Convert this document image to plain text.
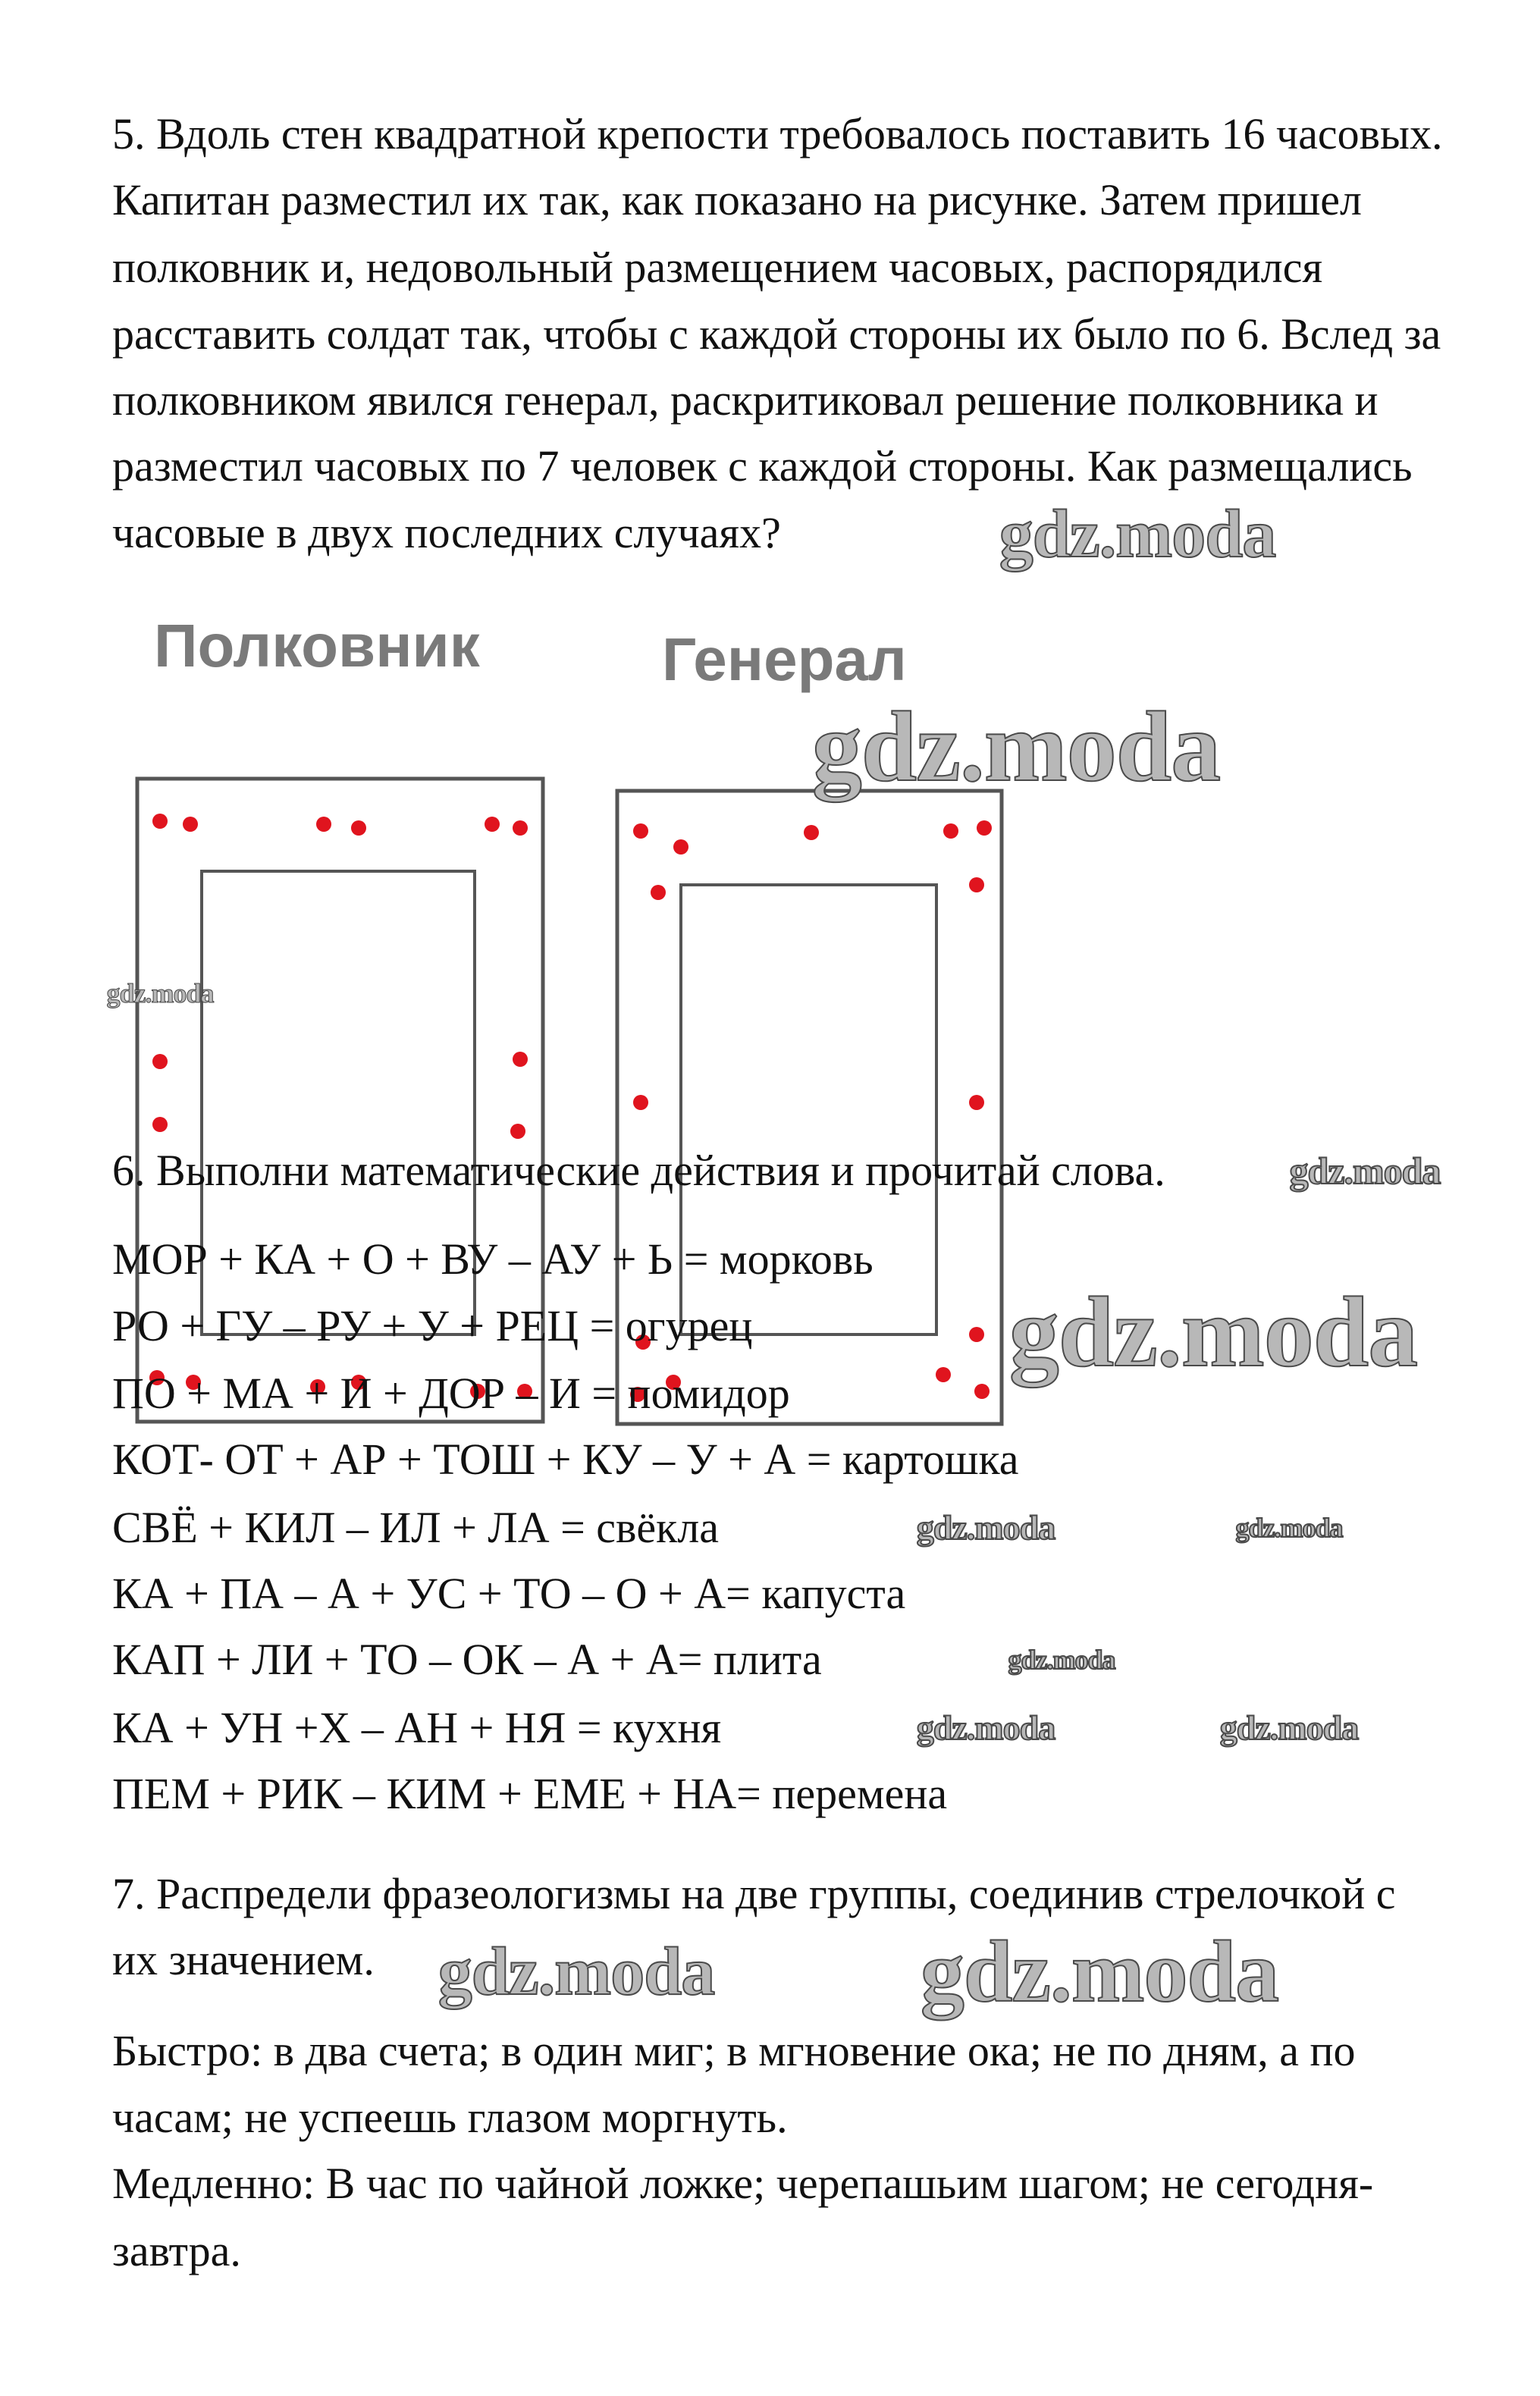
5. Вдоль стен квадратной крепости требовалось поставить 16 часовых.
Капитан разместил их так, как показано на рисунке. Затем пришел
полковник и, недовольный размещением часовых, распорядился
расставить солдат так, чтобы с каждой стороны их было по 6. Вслед за
полковником явился генерал, раскритиковал решение полковника и
разместил часовых по 7 человек с каждой стороны. Как размещались
часовые в двух последних случаях?
Полковник	Генерал
6. Выполни математические действия и прочитай слова.
МОР + КА + О + ВУ – АУ + Ь = морковь
РО + ГУ – РУ + У + РЕЦ = огурец
ПО + МА + И + ДОР – И = помидор
КОТ- ОТ + АР + ТОШ + КУ – У + А = картошка
СВЁ + КИЛ – ИЛ + ЛА = свёкла
КА + ПА – А + УС + ТО – О + А= капуста
КАП + ЛИ + ТО – ОК – А + А= плита
КА + УН +Х – АН + НЯ = кухня
ПЕМ + РИК – КИМ + ЕМЕ + НА= перемена
7. Распредели фразеологизмы на две группы, соединив стрелочкой с
их значением.
Быстро: в два счета; в один миг; в мгновение ока; не по дням, а по
часам; не успеешь глазом моргнуть.
Медленно: В час по чайной ложке; черепашьим шагом; не сегодня-
завтра.
gdz.moda	gdz.moda
gdz.moda	gdz.moda
gdz.moda
gdz.moda
gdz.moda
gdz.moda
gdz.moda
gdz.moda
gdz.moda
gdz.moda
